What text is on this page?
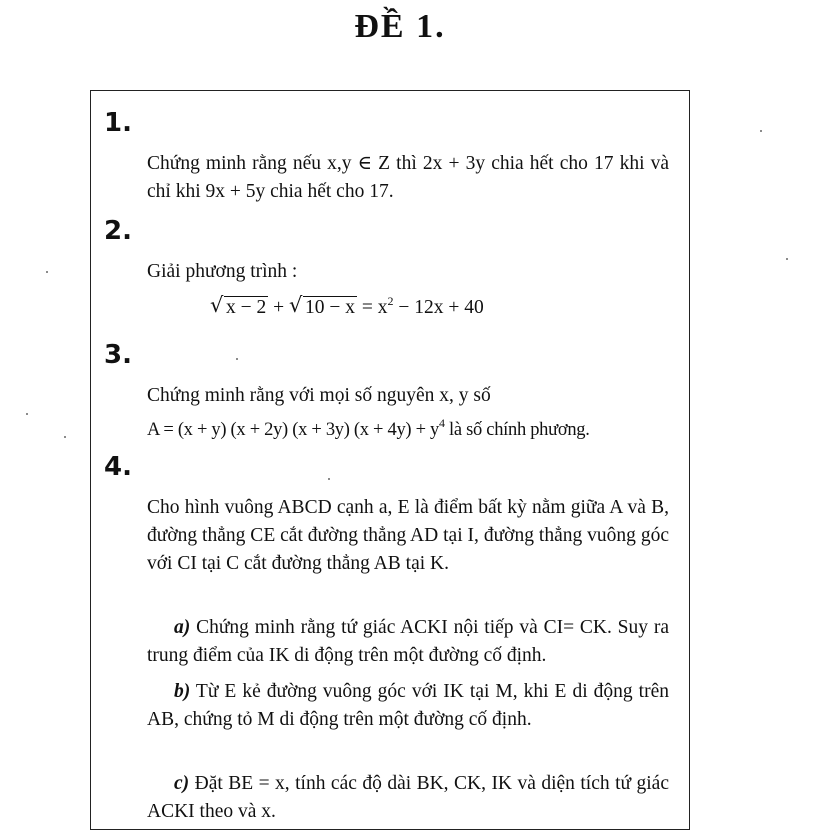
ĐỀ 1.
1.
Chứng minh rằng nếu x,y ∈ Z thì 2x + 3y chia hết cho 17 khi và chỉ khi 9x + 5y chia hết cho 17.
2.
Giải phương trình :
√ x − 2 + √ $10 - x = x^2 - 12x + 40$
3.
Chứng minh rằng với mọi số nguyên x, y số
A = (x + y) (x + 2y) (x + 3y) $(x + 4y) + y^4$ là số chính phương.
4.
Cho hình vuông ABCD cạnh a, E là điểm bất kỳ nằm giữa A và B, đường thẳng CE cắt đường thẳng AD tại I, đường thẳng vuông góc với CI tại C cắt đường thẳng AB tại K.
a) Chứng minh rằng tứ giác ACKI nội tiếp và CI= CK. Suy ra trung điểm của IK di động trên một đường cố định.
b) Từ E kẻ đường vuông góc với IK tại M, khi E di động trên AB, chứng tỏ M di động trên một đường cố định.
c) Đặt BE = x, tính các độ dài BK, CK, IK và diện tích tứ giác ACKI theo và x.
